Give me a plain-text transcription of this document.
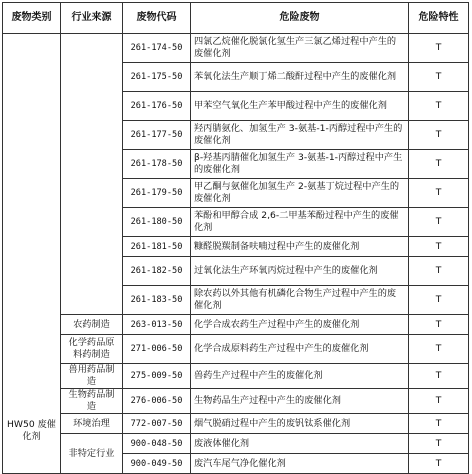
废物类别	行业来源	废物代码	危险废物	危险特性
HW50 废催化剂		261-174-50	四氯乙烷催化脱氯化氢生产三氯乙烯过程中产生的废催化剂	T
		261-175-50	苯氧化法生产顺丁烯二酸酐过程中产生的废催化剂	T
		261-176-50	甲苯空气氧化生产苯甲酸过程中产生的废催化剂	T
		261-177-50	羟丙腈氨化、加氢生产 3-氨基-1-丙醇过程中产生的废催化剂	T
		261-178-50	β-羟基丙腈催化加氢生产 3-氨基-1-丙醇过程中产生的废催化剂	T
		261-179-50	甲乙酮与氨催化加氢生产 2-氨基丁烷过程中产生的废催化剂	T
		261-180-50	苯酚和甲醇合成 2,6-二甲基苯酚过程中产生的废催化剂	T
		261-181-50	糠醛脱羰制备呋喃过程中产生的废催化剂	T
		261-182-50	过氧化法生产环氧丙烷过程中产生的废催化剂	T
		261-183-50	除农药以外其他有机磷化合物生产过程中产生的废催化剂	T
	农药制造	263-013-50	化学合成农药生产过程中产生的废催化剂	T
	化学药品原料药制造	271-006-50	化学合成原料药生产过程中产生的废催化剂	T
	兽用药品制造	275-009-50	兽药生产过程中产生的废催化剂	T
	生物药品制造	276-006-50	生物药品生产过程中产生的废催化剂	T
	环境治理	772-007-50	烟气脱硝过程中产生的废钒钛系催化剂	T
	非特定行业	900-048-50	废液体催化剂	T
		900-049-50	废汽车尾气净化催化剂	T
